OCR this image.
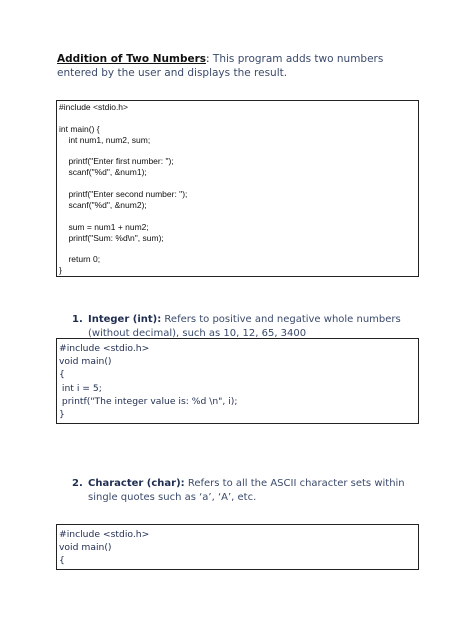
Addition of Two Numbers: This program adds two numbers entered by the user and displays the result.
#include <stdio.h>
int main() {
int num1, num2, sum;
printf("Enter first number: ");
scanf("%d", &num1);
printf("Enter second number: ");
scanf("%d", &num2);
sum = num1 + num2;
printf("Sum: %d\n", sum);
return 0;
}
1. Integer (int): Refers to positive and negative whole numbers (without decimal), such as 10, 12, 65, 3400
#include <stdio.h>
void main()
{
int i = 5;
printf("The integer value is: %d \n", i);
}
2. Character (char): Refers to all the ASCII character sets within single quotes such as ‘a’, ‘A’, etc.
#include <stdio.h>
void main()
{
